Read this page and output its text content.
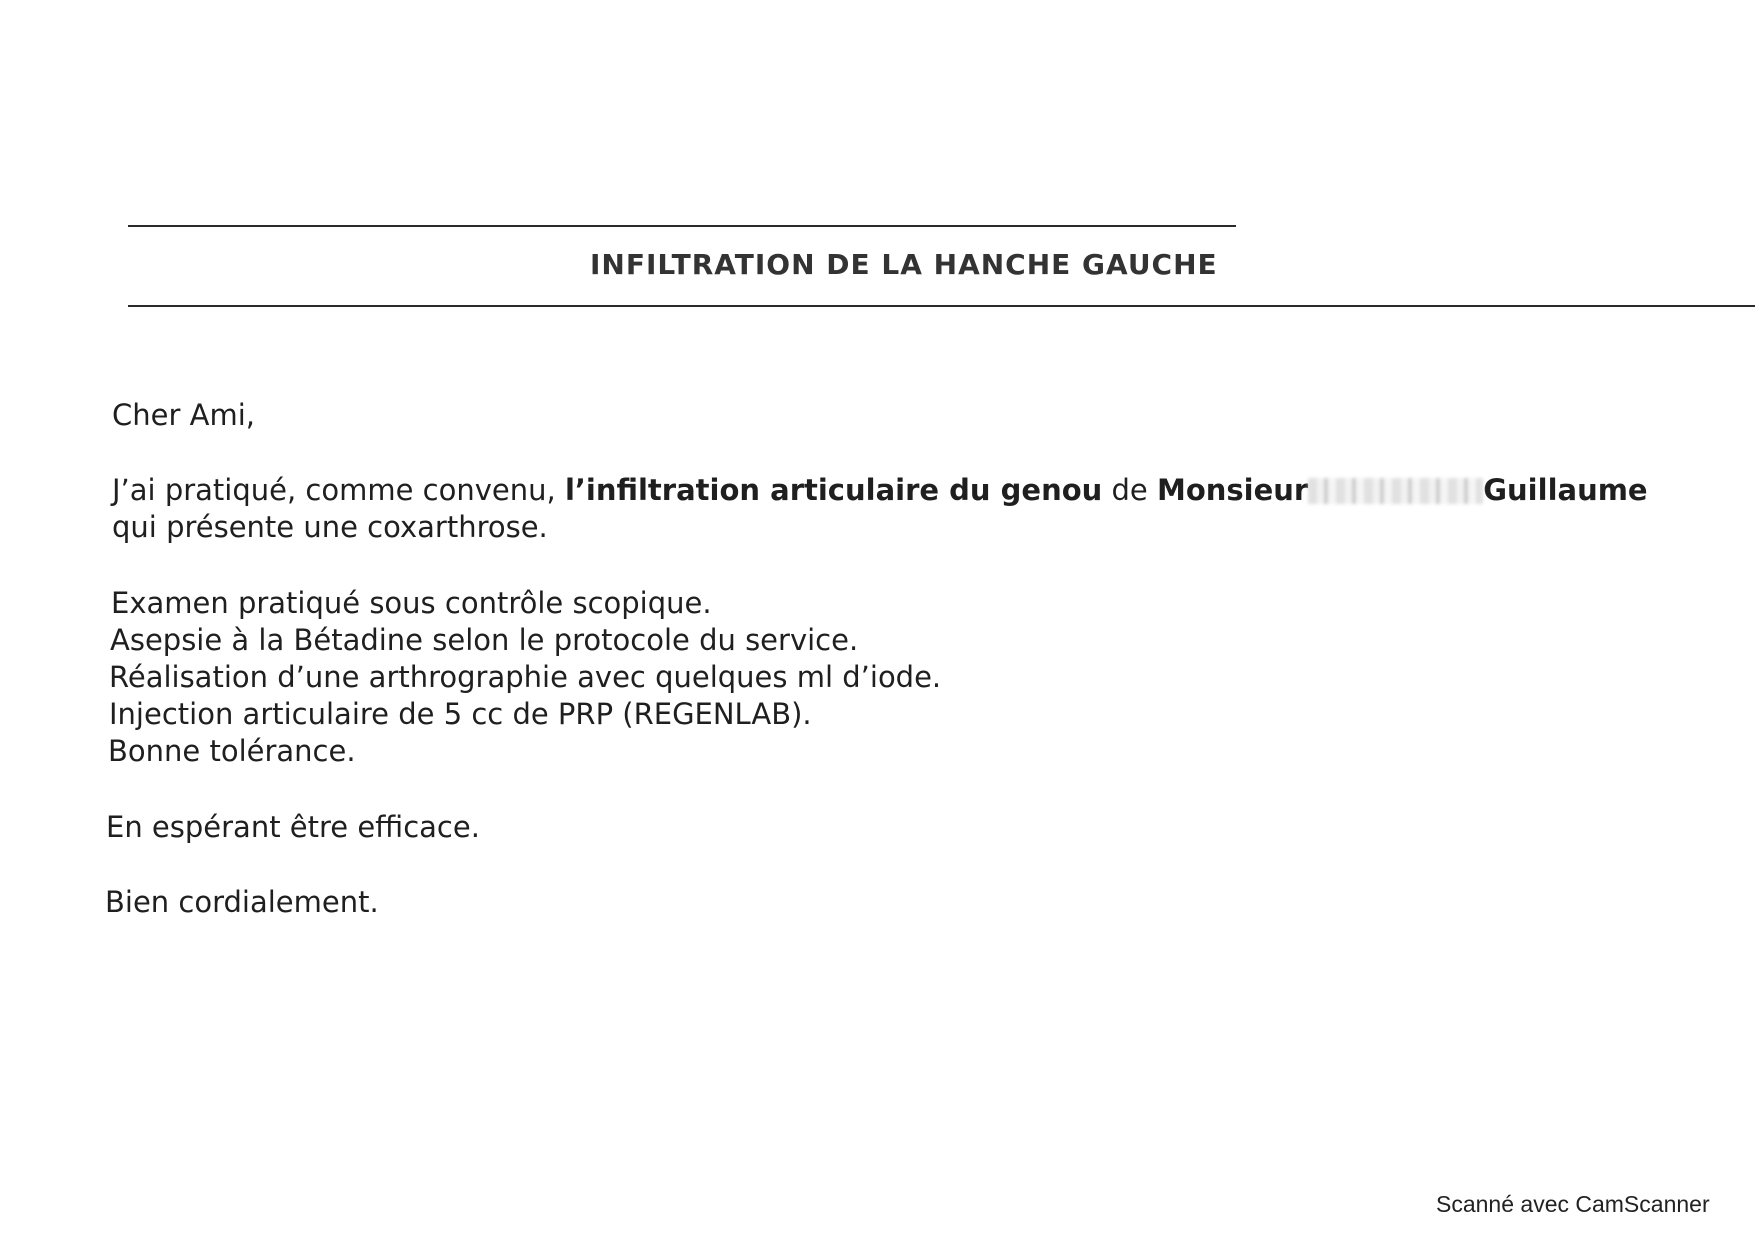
INFILTRATION DE LA HANCHE GAUCHE
Cher Ami,
J’ai pratiqué, comme convenu, l’infiltration articulaire du genou de Monsieur	Guillaume
qui présente une coxarthrose.
Examen pratiqué sous contrôle scopique.
Asepsie à la Bétadine selon le protocole du service.
Réalisation d’une arthrographie avec quelques ml d’iode.
Injection articulaire de 5 cc de PRP (REGENLAB).
Bonne tolérance.
En espérant être efficace.
Bien cordialement.
Scanné avec CamScanner
